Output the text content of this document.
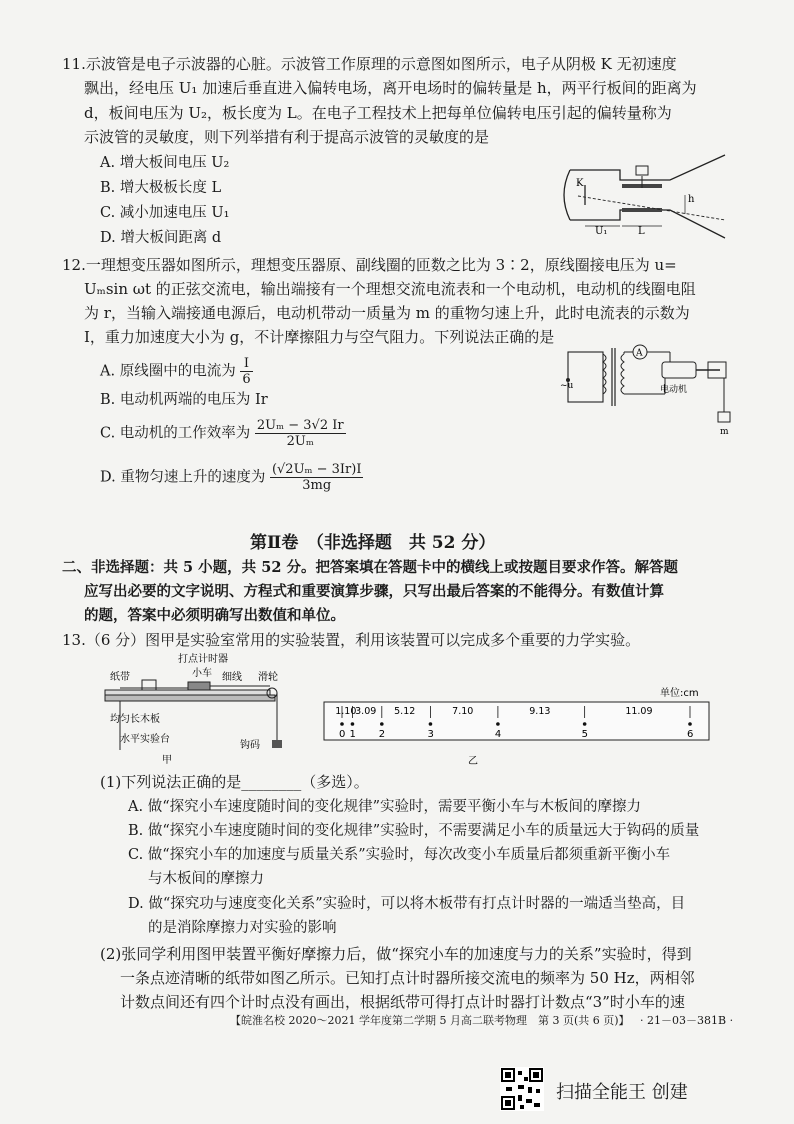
11.示波管是电子示波器的心脏。示波管工作原理的示意图如图所示，电子从阴极 K 无初速度
飘出，经电压 U₁ 加速后垂直进入偏转电场，离开电场时的偏转量是 h，两平行板间的距离为
d，板间电压为 U₂，板长度为 L。在电子工程技术上把每单位偏转电压引起的偏转量称为
示波管的灵敏度，则下列举措有利于提高示波管的灵敏度的是
A. 增大板间电压 U₂
B. 增大极板长度 L
C. 减小加速电压 U₁
D. 增大板间距离 d
K
U₁	L
h
12.一理想变压器如图所示，理想变压器原、副线圈的匝数之比为 3∶2，原线圈接电压为 u=
Uₘsin ωt 的正弦交流电，输出端接有一个理想交流电流表和一个电动机，电动机的线圈电阻
为 r，当输入端接通电源后，电动机带动一质量为 m 的重物匀速上升，此时电流表的示数为
I，重力加速度大小为 g，不计摩擦阻力与空气阻力。下列说法正确的是
A. 原线圈中的电流为 $\frac{I}{6}$
B. 电动机两端的电压为 Ir
C. 电动机的工作效率为 $\frac{\text{2Uₘ − 3√2 Ir}}{\text{2Uₘ}}$
D. 重物匀速上升的速度为 $\frac{\text{(√2Uₘ − 3Ir)I}}{3mg}$
~u
A
电动机
m
第Ⅱ卷　（非选择题　共 52 分）
二、非选择题：共 5 小题，共 52 分。把答案填在答题卡中的横线上或按题目要求作答。解答题
应写出必要的文字说明、方程式和重要演算步骤，只写出最后答案的不能得分。有数值计算
的题，答案中必须明确写出数值和单位。
13.（6 分）图甲是实验室常用的实验装置，利用该装置可以完成多个重要的力学实验。
打点计时器
纸带	小车 细线 滑轮
均匀长木板
水平实验台
钩码
甲
单位:cm
0 1 2	3	4	5	6
1.10
3.09 5.12	7.10	9.13	11.09
乙
(1)下列说法正确的是________（多选）。
A. 做“探究小车速度随时间的变化规律”实验时，需要平衡小车与木板间的摩擦力
B. 做“探究小车速度随时间的变化规律”实验时，不需要满足小车的质量远大于钩码的质量
C. 做“探究小车的加速度与质量关系”实验时，每次改变小车质量后都须重新平衡小车
与木板间的摩擦力
D. 做“探究功与速度变化关系”实验时，可以将木板带有打点计时器的一端适当垫高，目
的是消除摩擦力对实验的影响
(2)张同学利用图甲装置平衡好摩擦力后，做“探究小车的加速度与力的关系”实验时，得到
一条点迹清晰的纸带如图乙所示。已知打点计时器所接交流电的频率为 50 Hz，两相邻
计数点间还有四个计时点没有画出，根据纸带可得打点计时器打计数点“3”时小车的速
【皖淮名校 2020～2021 学年度第二学期 5 月高二联考物理　第 3 页(共 6 页)】 · 21－03－381B ·
扫描全能王 创建
